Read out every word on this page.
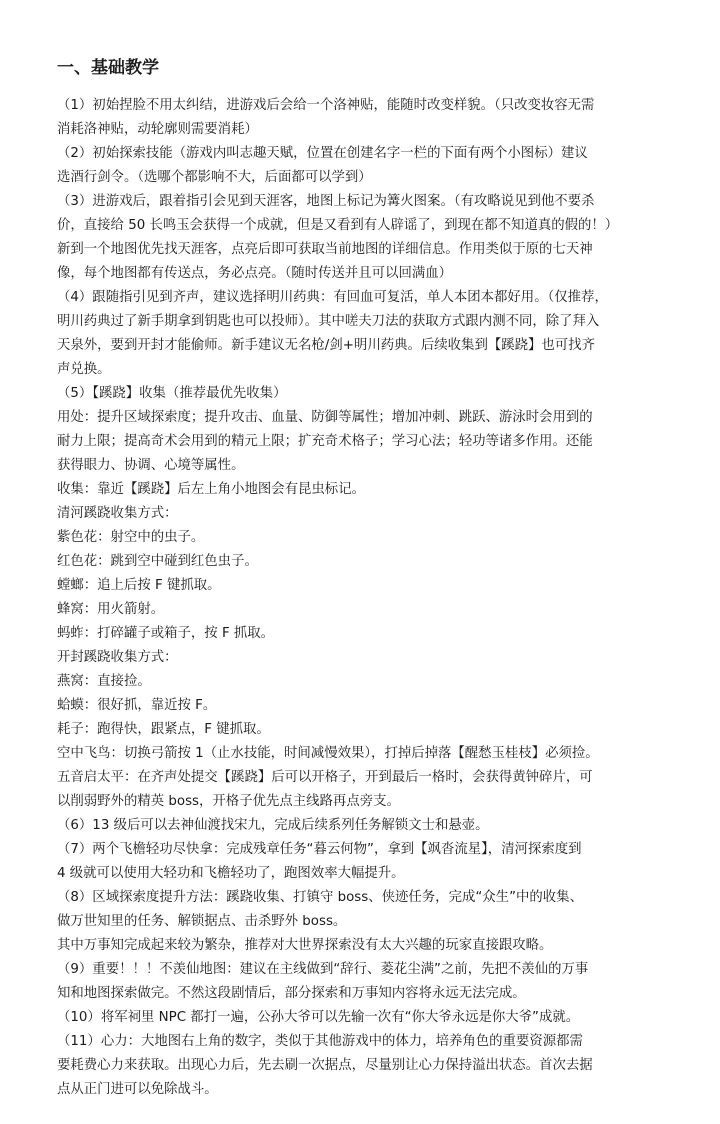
一、基础教学
（1）初始捏脸不用太纠结，进游戏后会给一个洛神贴，能随时改变样貌。（只改变妆容无需
消耗洛神贴，动轮廓则需要消耗）
（2）初始探索技能（游戏内叫志趣天赋，位置在创建名字一栏的下面有两个小图标）建议
选酒行剑令。（选哪个都影响不大，后面都可以学到）
（3）进游戏后，跟着指引会见到天涯客，地图上标记为篝火图案。（有攻略说见到他不要杀
价，直接给 50 长鸣玉会获得一个成就，但是又看到有人辟谣了，到现在都不知道真的假的！）
新到一个地图优先找天涯客，点亮后即可获取当前地图的详细信息。作用类似于原的七天神
像，每个地图都有传送点，务必点亮。（随时传送并且可以回满血）
（4）跟随指引见到齐声，建议选择明川药典：有回血可复活，单人本团本都好用。（仅推荐，
明川药典过了新手期拿到钥匙也可以投师）。其中嗟夫刀法的获取方式跟内测不同，除了拜入
天泉外，要到开封才能偷师。新手建议无名枪/剑+明川药典。后续收集到【蹊跷】也可找齐
声兑换。
（5）【蹊跷】收集（推荐最优先收集）
用处：提升区域探索度；提升攻击、血量、防御等属性；增加冲刺、跳跃、游泳时会用到的
耐力上限；提高奇术会用到的精元上限；扩充奇术格子；学习心法；轻功等诸多作用。还能
获得眼力、协调、心境等属性。
收集：靠近【蹊跷】后左上角小地图会有昆虫标记。
清河蹊跷收集方式：
紫色花：射空中的虫子。
红色花：跳到空中碰到红色虫子。
螳螂：追上后按 F 键抓取。
蜂窝：用火箭射。
蚂蚱：打碎罐子或箱子，按 F 抓取。
开封蹊跷收集方式：
燕窝：直接捡。
蛤蟆：很好抓，靠近按 F。
耗子：跑得快，跟紧点，F 键抓取。
空中飞鸟：切换弓箭按 1（止水技能，时间减慢效果），打掉后掉落【醒愁玉桂枝】必须捡。
五音启太平：在齐声处提交【蹊跷】后可以开格子，开到最后一格时，会获得黄钟碎片，可
以削弱野外的精英 boss，开格子优先点主线路再点旁支。
（6）13 级后可以去神仙渡找宋九，完成后续系列任务解锁文士和悬壶。
（7）两个飞檐轻功尽快拿：完成残章任务“暮云何物”，拿到【飒沓流星】，清河探索度到
4 级就可以使用大轻功和飞檐轻功了，跑图效率大幅提升。
（8）区域探索度提升方法：蹊跷收集、打镇守 boss、侠迹任务，完成“众生”中的收集、
做万世知里的任务、解锁据点、击杀野外 boss。
其中万事知完成起来较为繁杂，推荐对大世界探索没有太大兴趣的玩家直接跟攻略。
（9）重要！！！不羡仙地图：建议在主线做到“辞行、菱花尘满”之前，先把不羡仙的万事
知和地图探索做完。不然这段剧情后，部分探索和万事知内容将永远无法完成。
（10）将军祠里 NPC 都打一遍，公孙大爷可以先输一次有“你大爷永远是你大爷”成就。
（11）心力：大地图右上角的数字，类似于其他游戏中的体力，培养角色的重要资源都需
要耗费心力来获取。出现心力后，先去刷一次据点，尽量别让心力保持溢出状态。首次去据
点从正门进可以免除战斗。
